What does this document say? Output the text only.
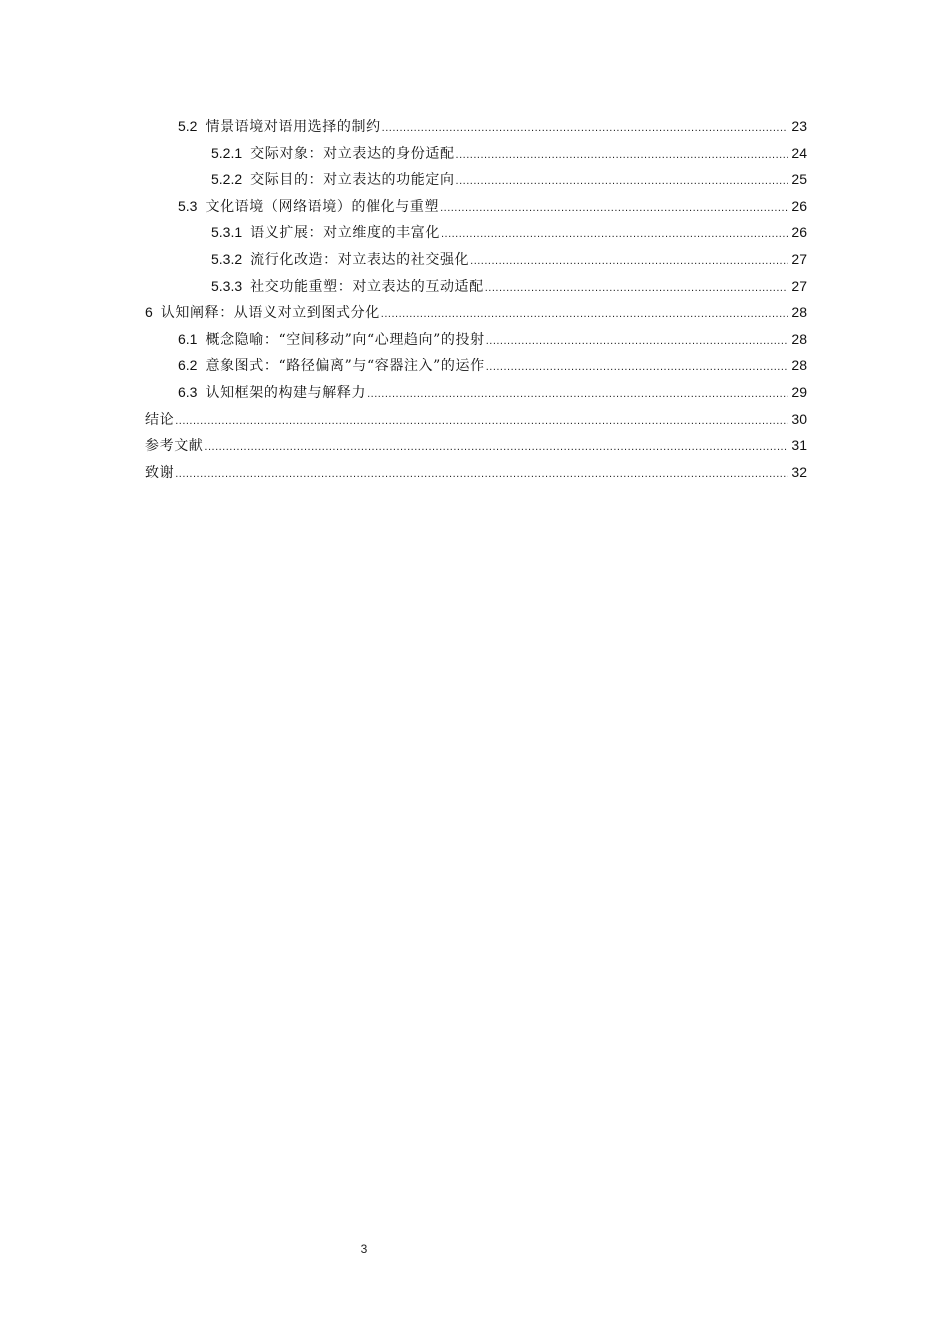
5.2 情景语境对语用选择的制约 .....	23
5.2.1 交际对象：对立表达的身份适配 .....	24
5.2.2 交际目的：对立表达的功能定向 .....	25
5.3 文化语境（网络语境）的催化与重塑 .....	26
5.3.1 语义扩展：对立维度的丰富化 .....	26
5.3.2 流行化改造：对立表达的社交强化 .....	27
5.3.3 社交功能重塑：对立表达的互动适配 .....	27
6 认知阐释：从语义对立到图式分化 .....	28
6.1 概念隐喻：“空间移动”向“心理趋向”的投射 .....	28
6.2 意象图式：“路径偏离”与“容器注入”的运作 .....	28
6.3 认知框架的构建与解释力 .....	29
结论 .....	30
参考文献 .....	31
致谢 .....	32
3
